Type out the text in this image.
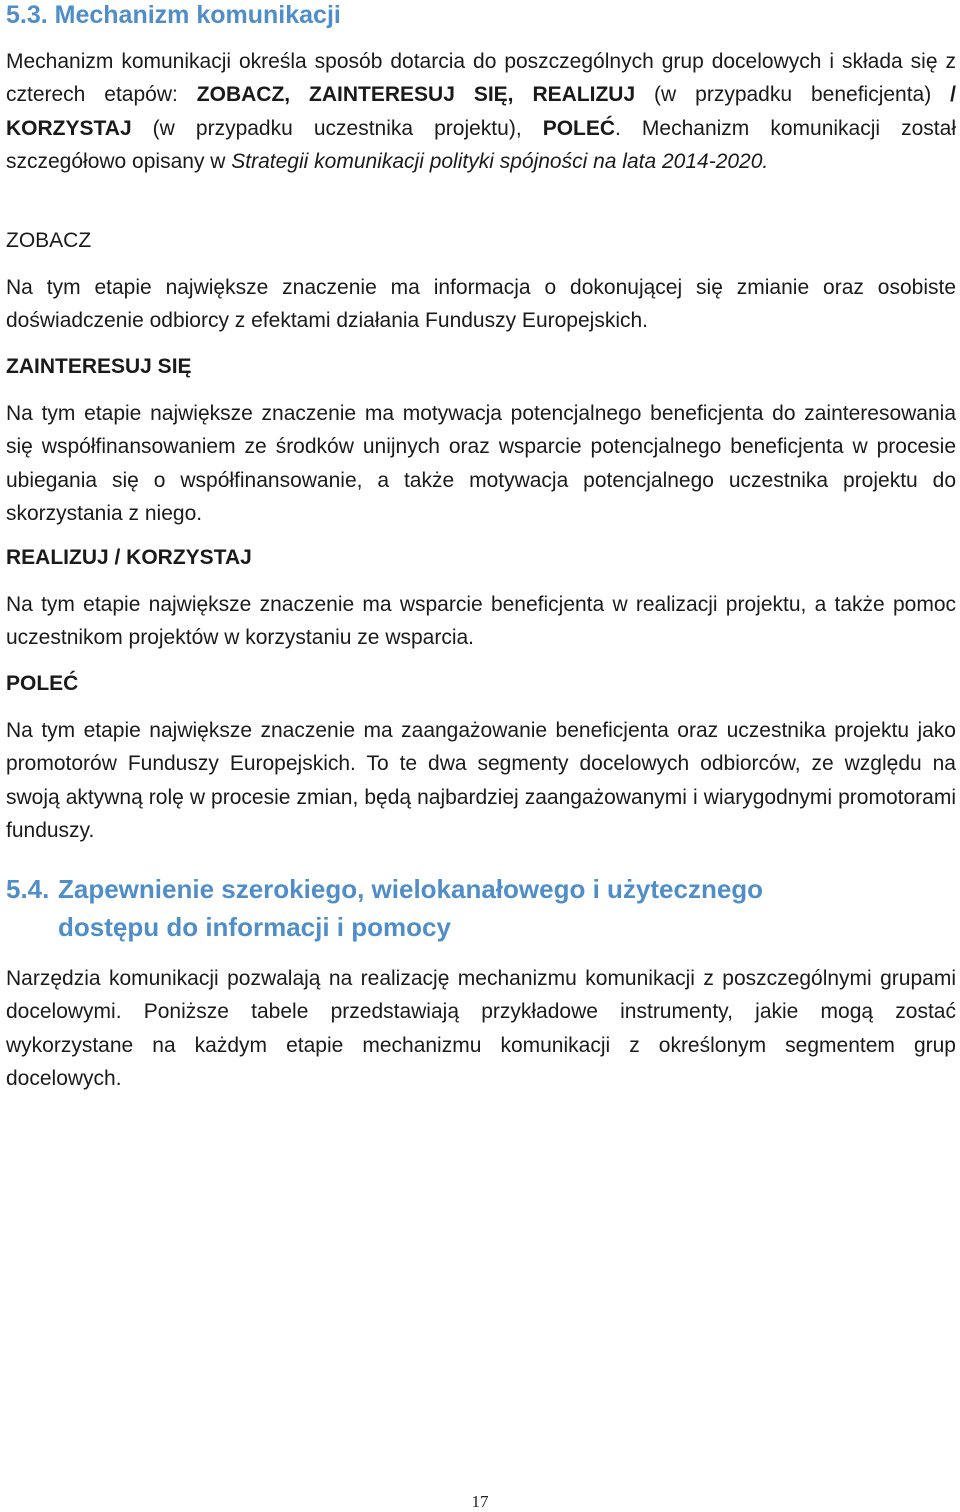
5.3. Mechanizm komunikacji

Mechanizm komunikacji określa sposób dotarcia do poszczególnych grup docelowych i składa się z czterech etapów: ZOBACZ, ZAINTERESUJ SIĘ, REALIZUJ (w przypadku beneficjenta) / KORZYSTAJ (w przypadku uczestnika projektu), POLEĆ. Mechanizm komunikacji został szczegółowo opisany w Strategii komunikacji polityki spójności na lata 2014-2020.

ZOBACZ

Na tym etapie największe znaczenie ma informacja o dokonującej się zmianie oraz osobiste doświadczenie odbiorcy z efektami działania Funduszy Europejskich.

ZAINTERESUJ SIĘ

Na tym etapie największe znaczenie ma motywacja potencjalnego beneficjenta do zainteresowania się współfinansowaniem ze środków unijnych oraz wsparcie potencjalnego beneficjenta w procesie ubiegania się o współfinansowanie, a także motywacja potencjalnego uczestnika projektu do skorzystania z niego.

REALIZUJ / KORZYSTAJ

Na tym etapie największe znaczenie ma wsparcie beneficjenta w realizacji projektu, a także pomoc uczestnikom projektów w korzystaniu ze wsparcia.

POLEĆ

Na tym etapie największe znaczenie ma zaangażowanie beneficjenta oraz uczestnika projektu jako promotorów Funduszy Europejskich. To te dwa segmenty docelowych odbiorców, ze względu na swoją aktywną rolę w procesie zmian, będą najbardziej zaangażowanymi i wiarygodnymi promotorami funduszy.

5.4. Zapewnienie szerokiego, wielokanałowego i użytecznego
dostępu do informacji i pomocy

Narzędzia komunikacji pozwalają na realizację mechanizmu komunikacji z poszczególnymi grupami docelowymi. Poniższe tabele przedstawiają przykładowe instrumenty, jakie mogą zostać wykorzystane na każdym etapie mechanizmu komunikacji z określonym segmentem grup docelowych.

17
